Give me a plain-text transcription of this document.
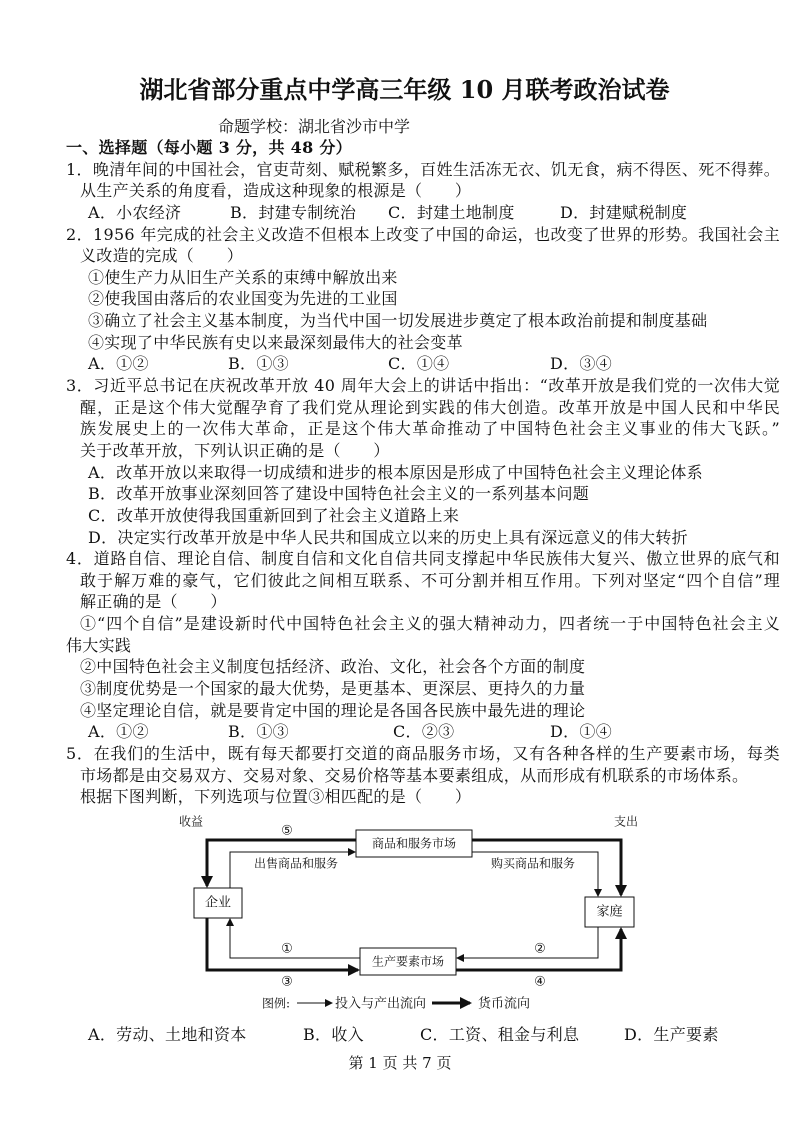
湖北省部分重点中学高三年级 10 月联考政治试卷
命题学校：湖北省沙市中学
一、选择题（每小题 3 分，共 48 分）
1．晚清年间的中国社会，官吏苛刻、赋税繁多，百姓生活冻无衣、饥无食，病不得医、死不得葬。
从生产关系的角度看，造成这种现象的根源是（　　）
A．小农经济	B．封建专制统治 C．封建土地制度	D．封建赋税制度
2．1956 年完成的社会主义改造不但根本上改变了中国的命运，也改变了世界的形势。我国社会主
义改造的完成（　　）
①使生产力从旧生产关系的束缚中解放出来
②使我国由落后的农业国变为先进的工业国
③确立了社会主义基本制度，为当代中国一切发展进步奠定了根本政治前提和制度基础
④实现了中华民族有史以来最深刻最伟大的社会变革
A．①②	B．①③	C．①④	D．③④
3．习近平总书记在庆祝改革开放 40 周年大会上的讲话中指出：“改革开放是我们党的一次伟大觉
醒，正是这个伟大觉醒孕育了我们党从理论到实践的伟大创造。改革开放是中国人民和中华民
族发展史上的一次伟大革命，正是这个伟大革命推动了中国特色社会主义事业的伟大飞跃。”
关于改革开放，下列认识正确的是（　　）
A．改革开放以来取得一切成绩和进步的根本原因是形成了中国特色社会主义理论体系
B．改革开放事业深刻回答了建设中国特色社会主义的一系列基本问题
C．改革开放使得我国重新回到了社会主义道路上来
D．决定实行改革开放是中华人民共和国成立以来的历史上具有深远意义的伟大转折
4．道路自信、理论自信、制度自信和文化自信共同支撑起中华民族伟大复兴、傲立世界的底气和
敢于解万难的豪气，它们彼此之间相互联系、不可分割并相互作用。下列对坚定“四个自信”理
解正确的是（　　）
①“四个自信”是建设新时代中国特色社会主义的强大精神动力，四者统一于中国特色社会主义
伟大实践
②中国特色社会主义制度包括经济、政治、文化，社会各个方面的制度
③制度优势是一个国家的最大优势，是更基本、更深层、更持久的力量
④坚定理论自信，就是要肯定中国的理论是各国各民族中最先进的理论
A．①②	B．①③	C．②③	D．①④
5．在我们的生活中，既有每天都要打交道的商品服务市场，又有各种各样的生产要素市场，每类
市场都是由交易双方、交易对象、交易价格等基本要素组成，从而形成有机联系的市场体系。
根据下图判断，下列选项与位置③相匹配的是（　　）
商品和服务市场
企业
家庭
生产要素市场
收益	支出
⑤
出售商品和服务	购买商品和服务
①
③
②
④
图例:	投入与产出流向	货币流向
A．劳动、土地和资本	B．收入	C．工资、租金与利息	D．生产要素
第 1 页 共 7 页
